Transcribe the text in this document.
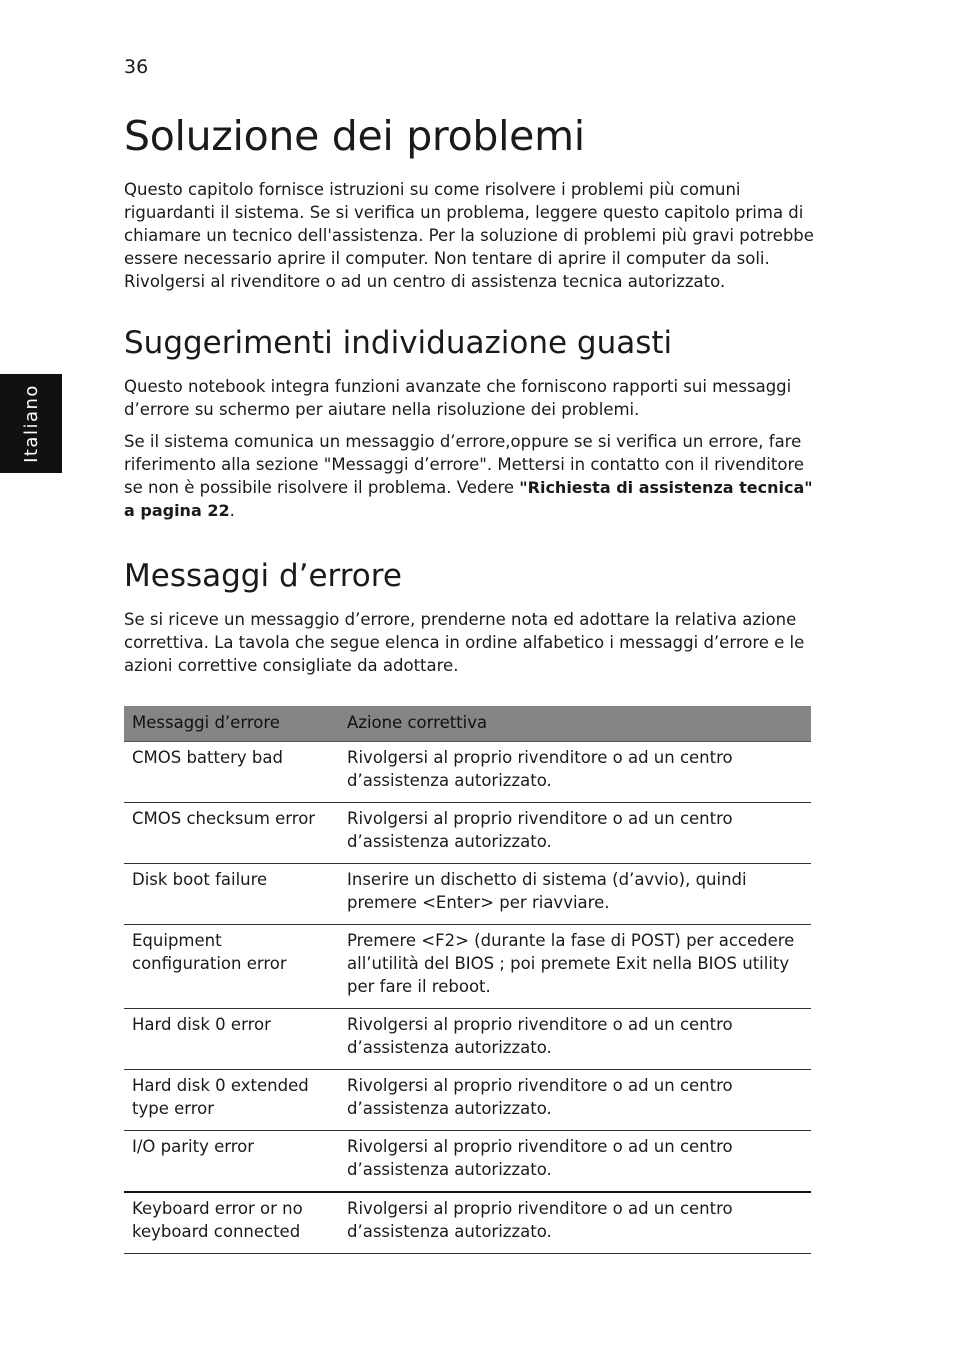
36
Italiano
Soluzione dei problemi

Questo capitolo fornisce istruzioni su come risolvere i problemi più comuni riguardanti il sistema. Se si verifica un problema, leggere questo capitolo prima di chiamare un tecnico dell'assistenza. Per la soluzione di problemi più gravi potrebbe essere necessario aprire il computer. Non tentare di aprire il computer da soli. Rivolgersi al rivenditore o ad un centro di assistenza tecnica autorizzato.

Suggerimenti individuazione guasti

Questo notebook integra funzioni avanzate che forniscono rapporti sui messaggi d’errore su schermo per aiutare nella risoluzione dei problemi.

Se il sistema comunica un messaggio d’errore,oppure se si verifica un errore, fare riferimento alla sezione "Messaggi d’errore". Mettersi in contatto con il rivenditore se non è possibile risolvere il problema. Vedere "Richiesta di assistenza tecnica" a pagina 22.

Messaggi d’errore

Se si riceve un messaggio d’errore, prenderne nota ed adottare la relativa azione correttiva. La tavola che segue elenca in ordine alfabetico i messaggi d’errore e le azioni correttive consigliate da adottare.

Messaggi d’errore	Azione correttiva
CMOS battery bad	Rivolgersi al proprio rivenditore o ad un centro d’assistenza autorizzato.
CMOS checksum error	Rivolgersi al proprio rivenditore o ad un centro d’assistenza autorizzato.
Disk boot failure	Inserire un dischetto di sistema (d’avvio), quindi premere <Enter> per riavviare.
Equipment configuration error	Premere <F2> (durante la fase di POST) per accedere all’utilità del BIOS ; poi premete Exit nella BIOS utility per fare il reboot.
Hard disk 0 error	Rivolgersi al proprio rivenditore o ad un centro d’assistenza autorizzato.
Hard disk 0 extended type error	Rivolgersi al proprio rivenditore o ad un centro d’assistenza autorizzato.
I/O parity error	Rivolgersi al proprio rivenditore o ad un centro d’assistenza autorizzato.
Keyboard error or no keyboard connected	Rivolgersi al proprio rivenditore o ad un centro d’assistenza autorizzato.
